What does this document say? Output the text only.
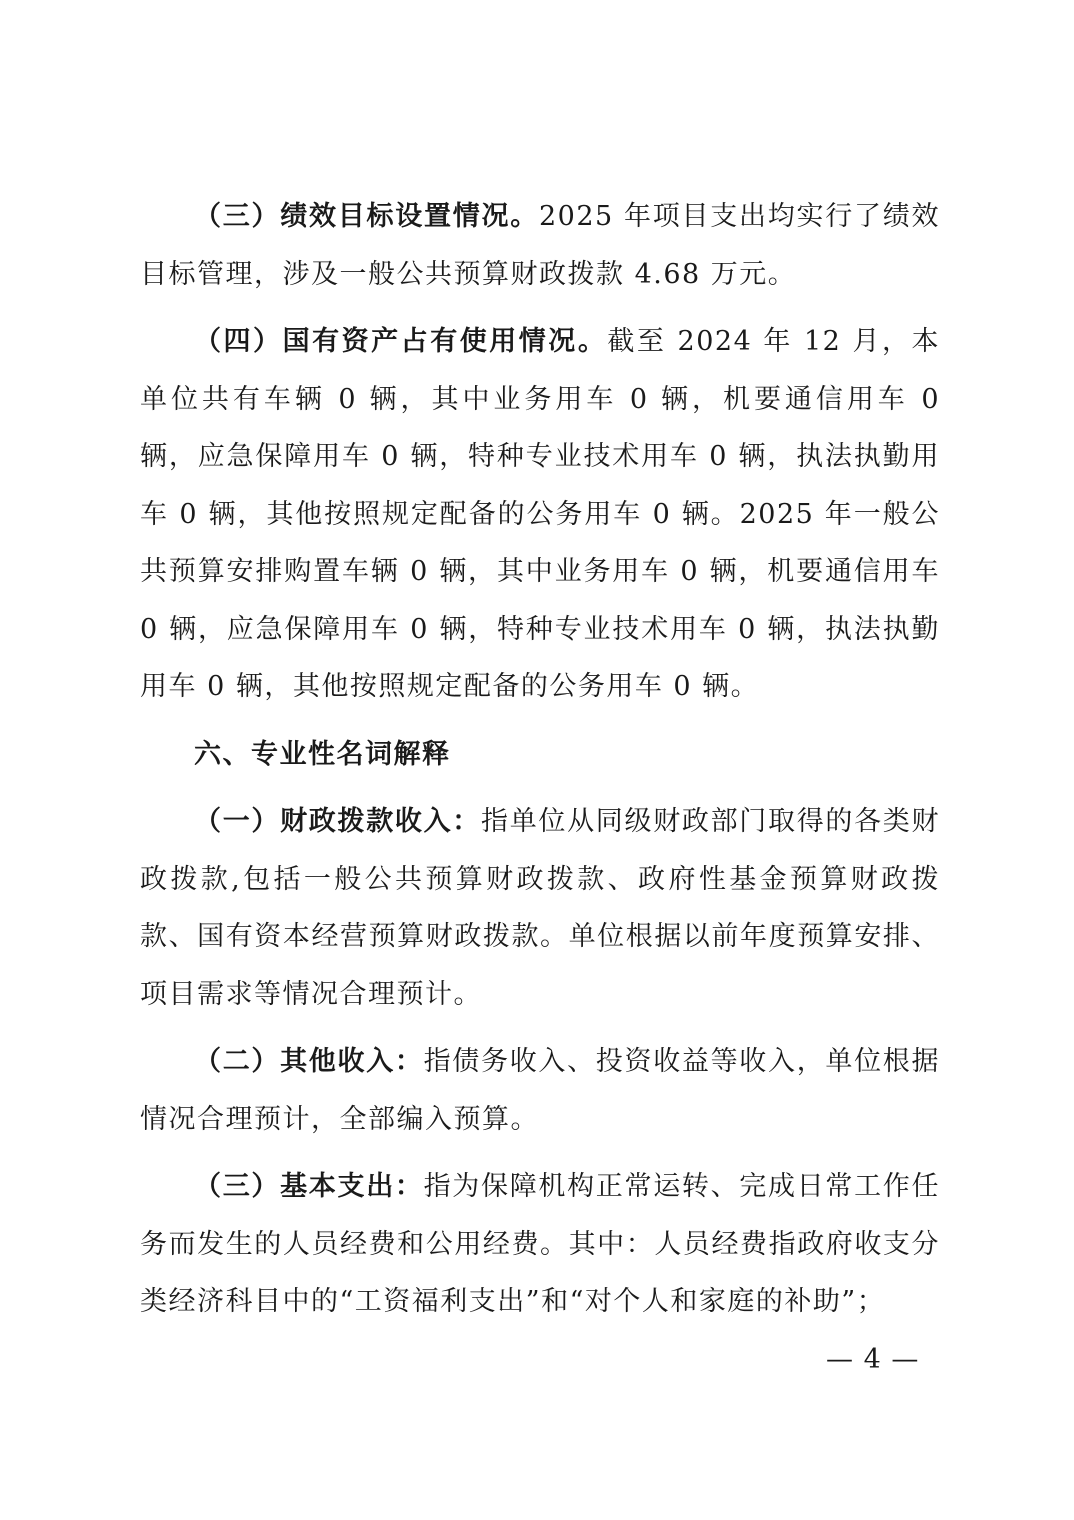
（三）绩效目标设置情况。2025 年项目支出均实行了绩效目标管理，涉及一般公共预算财政拨款 4.68 万元。

（四）国有资产占有使用情况。截至 2024 年 12 月，本单位共有车辆 0 辆，其中业务用车 0 辆，机要通信用车 0 辆，应急保障用车 0 辆，特种专业技术用车 0 辆，执法执勤用车 0 辆，其他按照规定配备的公务用车 0 辆。2025 年一般公共预算安排购置车辆 0 辆，其中业务用车 0 辆，机要通信用车 0 辆，应急保障用车 0 辆，特种专业技术用车 0 辆，执法执勤用车 0 辆，其他按照规定配备的公务用车 0 辆。

六、专业性名词解释

（一）财政拨款收入：指单位从同级财政部门取得的各类财政拨款,包括一般公共预算财政拨款、政府性基金预算财政拨款、国有资本经营预算财政拨款。单位根据以前年度预算安排、项目需求等情况合理预计。

（二）其他收入：指债务收入、投资收益等收入，单位根据情况合理预计，全部编入预算。

（三）基本支出：指为保障机构正常运转、完成日常工作任务而发生的人员经费和公用经费。其中：人员经费指政府收支分类经济科目中的“工资福利支出”和“对个人和家庭的补助”；

— 4 —
